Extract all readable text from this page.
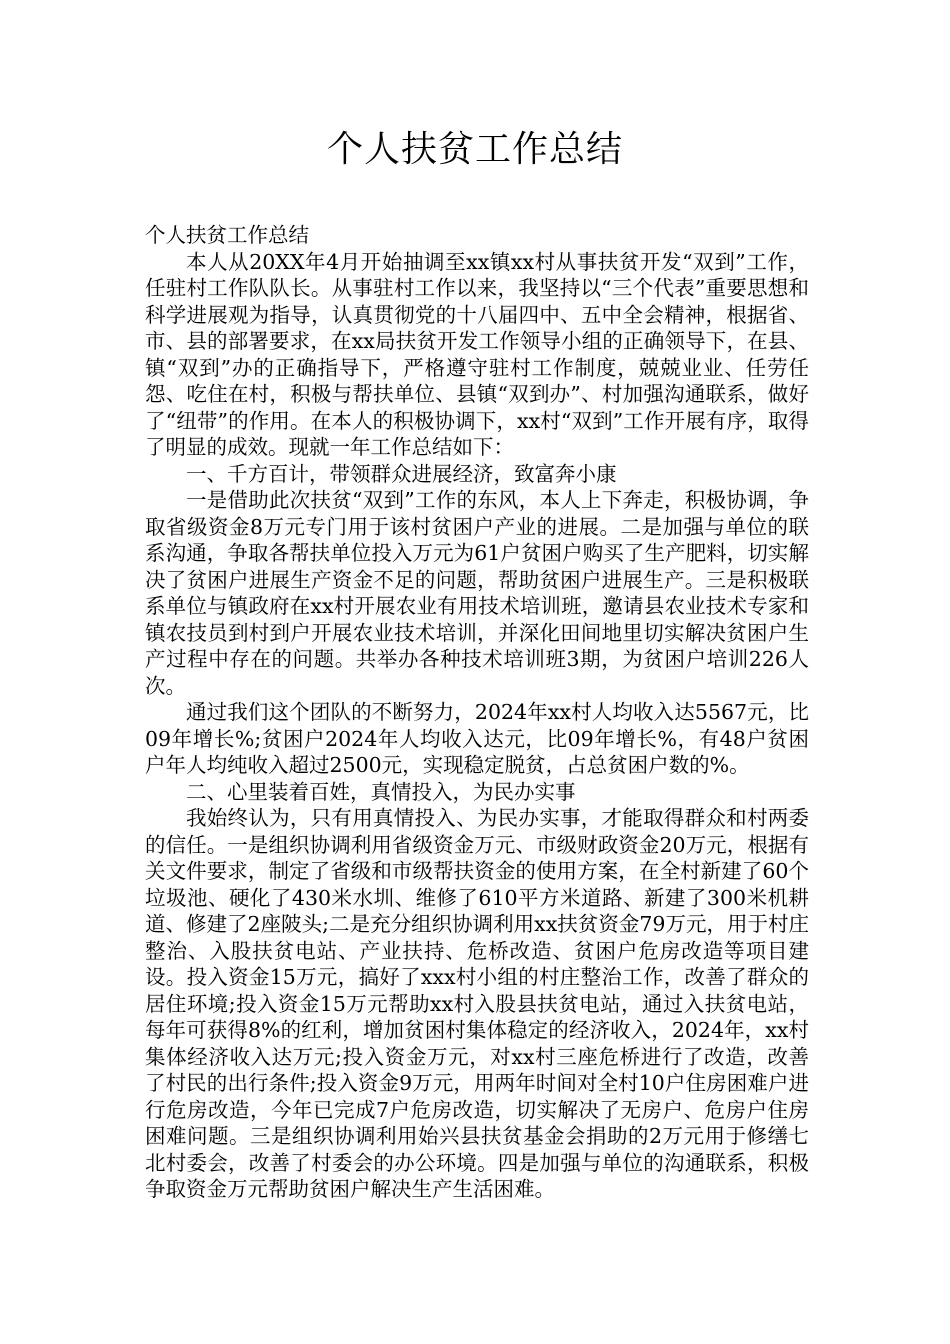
个人扶贫工作总结

个人扶贫工作总结

本人从20XX年4月开始抽调至xx镇xx村从事扶贫开发“双到”工作，任驻村工作队队长。从事驻村工作以来，我坚持以“三个代表”重要思想和科学进展观为指导，认真贯彻党的十八届四中、五中全会精神，根据省、市、县的部署要求，在xx局扶贫开发工作领导小组的正确领导下，在县、镇“双到”办的正确指导下，严格遵守驻村工作制度，兢兢业业、任劳任怨、吃住在村，积极与帮扶单位、县镇“双到办”、村加强沟通联系，做好了“纽带”的作用。在本人的积极协调下，xx村“双到”工作开展有序，取得了明显的成效。现就一年工作总结如下：

一、千方百计，带领群众进展经济，致富奔小康

一是借助此次扶贫“双到”工作的东风，本人上下奔走，积极协调，争取省级资金8万元专门用于该村贫困户产业的进展。二是加强与单位的联系沟通，争取各帮扶单位投入万元为61户贫困户购买了生产肥料，切实解决了贫困户进展生产资金不足的问题，帮助贫困户进展生产。三是积极联系单位与镇政府在xx村开展农业有用技术培训班，邀请县农业技术专家和镇农技员到村到户开展农业技术培训，并深化田间地里切实解决贫困户生产过程中存在的问题。共举办各种技术培训班3期，为贫困户培训226人次。

通过我们这个团队的不断努力，2024年xx村人均收入达5567元，比09年增长%;贫困户2024年人均收入达元，比09年增长%，有48户贫困户年人均纯收入超过2500元，实现稳定脱贫，占总贫困户数的%。

二、心里装着百姓，真情投入，为民办实事

我始终认为，只有用真情投入、为民办实事，才能取得群众和村两委的信任。一是组织协调利用省级资金万元、市级财政资金20万元，根据有关文件要求，制定了省级和市级帮扶资金的使用方案，在全村新建了60个垃圾池、硬化了430米水圳、维修了610平方米道路、新建了300米机耕道、修建了2座陂头;二是充分组织协调利用xx扶贫资金79万元，用于村庄整治、入股扶贫电站、产业扶持、危桥改造、贫困户危房改造等项目建设。投入资金15万元，搞好了xxx村小组的村庄整治工作，改善了群众的居住环境;投入资金15万元帮助xx村入股县扶贫电站，通过入扶贫电站，每年可获得8%的红利，增加贫困村集体稳定的经济收入，2024年，xx村集体经济收入达万元;投入资金万元，对xx村三座危桥进行了改造，改善了村民的出行条件;投入资金9万元，用两年时间对全村10户住房困难户进行危房改造，今年已完成7户危房改造，切实解决了无房户、危房户住房困难问题。三是组织协调利用始兴县扶贫基金会捐助的2万元用于修缮七北村委会，改善了村委会的办公环境。四是加强与单位的沟通联系，积极争取资金万元帮助贫困户解决生产生活困难。
